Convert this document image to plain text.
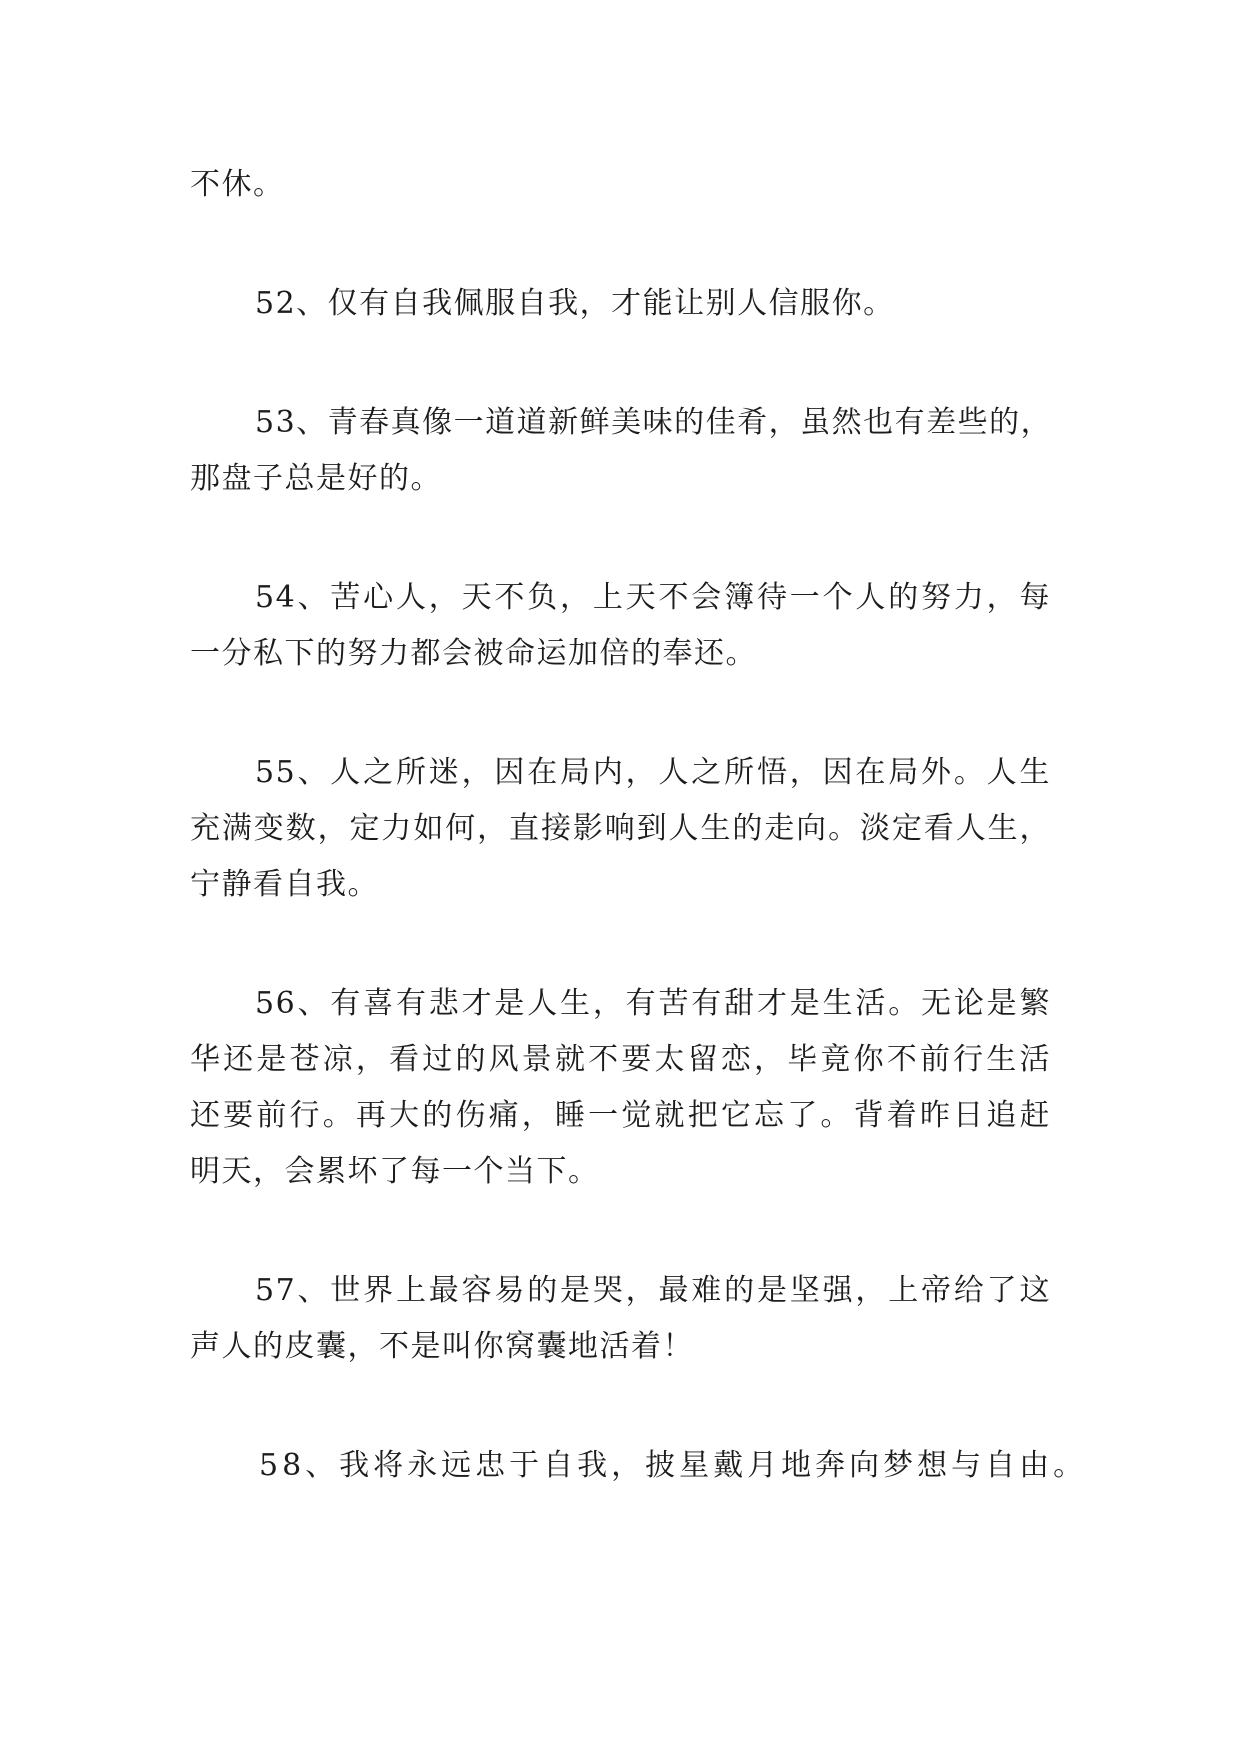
不休。
52、仅有自我佩服自我，才能让别人信服你。
53、青春真像一道道新鲜美味的佳肴，虽然也有差些的，
那盘子总是好的。
54、苦心人，天不负，上天不会簿待一个人的努力，每
一分私下的努力都会被命运加倍的奉还。
55、人之所迷，因在局内，人之所悟，因在局外。人生
充满变数，定力如何，直接影响到人生的走向。淡定看人生，
宁静看自我。
56、有喜有悲才是人生，有苦有甜才是生活。无论是繁
华还是苍凉，看过的风景就不要太留恋，毕竟你不前行生活
还要前行。再大的伤痛，睡一觉就把它忘了。背着昨日追赶
明天，会累坏了每一个当下。
57、世界上最容易的是哭，最难的是坚强，上帝给了这
声人的皮囊，不是叫你窝囊地活着！
58、我将永远忠于自我，披星戴月地奔向梦想与自由。
